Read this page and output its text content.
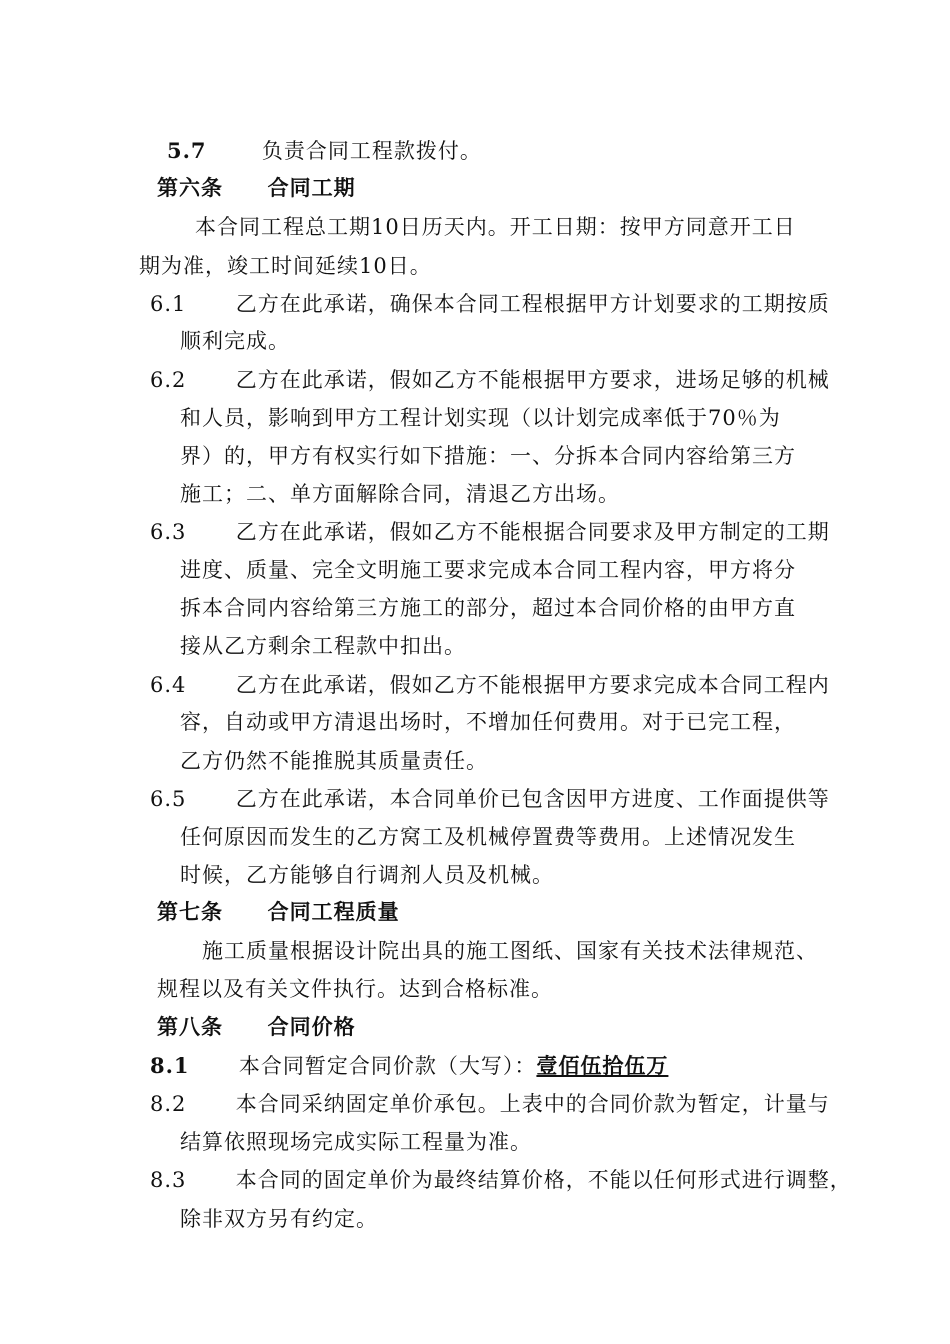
5.7	负责合同工程款拨付。
第六条 合同工期
本合同工程总工期10日历天内。开工日期：按甲方同意开工日
期为准，竣工时间延续10日。
6.1 乙方在此承诺，确保本合同工程根据甲方计划要求的工期按质
顺利完成。
6.2 乙方在此承诺，假如乙方不能根据甲方要求，进场足够的机械
和人员，影响到甲方工程计划实现（以计划完成率低于70％为
界）的，甲方有权实行如下措施：一、分拆本合同内容给第三方
施工；二、单方面解除合同，清退乙方出场。
6.3 乙方在此承诺，假如乙方不能根据合同要求及甲方制定的工期
进度、质量、完全文明施工要求完成本合同工程内容，甲方将分
拆本合同内容给第三方施工的部分，超过本合同价格的由甲方直
接从乙方剩余工程款中扣出。
6.4 乙方在此承诺，假如乙方不能根据甲方要求完成本合同工程内
容，自动或甲方清退出场时，不增加任何费用。对于已完工程，
乙方仍然不能推脱其质量责任。
6.5 乙方在此承诺，本合同单价已包含因甲方进度、工作面提供等
任何原因而发生的乙方窝工及机械停置费等费用。上述情况发生
时候，乙方能够自行调剂人员及机械。
第七条 合同工程质量
施工质量根据设计院出具的施工图纸、国家有关技术法律规范、
规程以及有关文件执行。达到合格标准。
第八条 合同价格
8.1 本合同暂定合同价款（大写）：壹佰伍拾伍万
8.2 本合同采纳固定单价承包。上表中的合同价款为暂定，计量与
结算依照现场完成实际工程量为准。
8.3 本合同的固定单价为最终结算价格，不能以任何形式进行调整，
除非双方另有约定。
